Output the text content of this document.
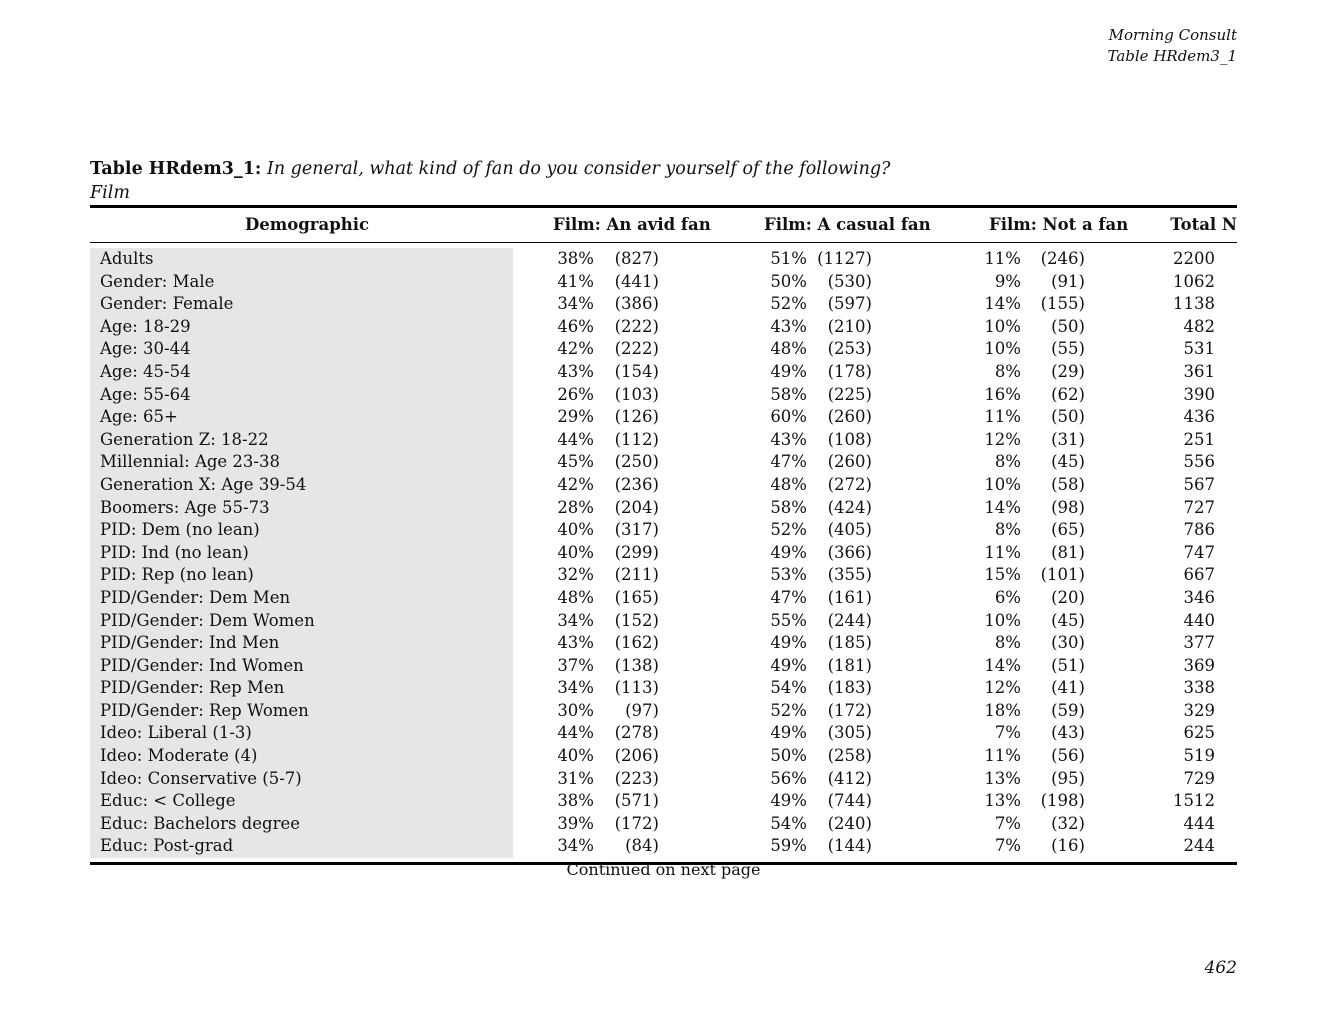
Morning Consult
Table HRdem3_1
Table HRdem3_1: In general, what kind of fan do you consider yourself of the following?
Film
Demographic	Film: An avid fan	Film: A casual fan	Film: Not a fan	Total N
Adults	38% (827)	51% (1127)	11% (246)	2200
Gender: Male	41% (441)	50% (530)	9% (91)	1062
Gender: Female	34% (386)	52% (597)	14% (155)	1138
Age: 18-29	46% (222)	43% (210)	10% (50)	482
Age: 30-44	42% (222)	48% (253)	10% (55)	531
Age: 45-54	43% (154)	49% (178)	8% (29)	361
Age: 55-64	26% (103)	58% (225)	16% (62)	390
Age: 65+	29% (126)	60% (260)	11% (50)	436
Generation Z: 18-22	44% (112)	43% (108)	12% (31)	251
Millennial: Age 23-38	45% (250)	47% (260)	8% (45)	556
Generation X: Age 39-54	42% (236)	48% (272)	10% (58)	567
Boomers: Age 55-73	28% (204)	58% (424)	14% (98)	727
PID: Dem (no lean)	40% (317)	52% (405)	8% (65)	786
PID: Ind (no lean)	40% (299)	49% (366)	11% (81)	747
PID: Rep (no lean)	32% (211)	53% (355)	15% (101)	667
PID/Gender: Dem Men	48% (165)	47% (161)	6% (20)	346
PID/Gender: Dem Women	34% (152)	55% (244)	10% (45)	440
PID/Gender: Ind Men	43% (162)	49% (185)	8% (30)	377
PID/Gender: Ind Women	37% (138)	49% (181)	14% (51)	369
PID/Gender: Rep Men	34% (113)	54% (183)	12% (41)	338
PID/Gender: Rep Women	30% (97)	52% (172)	18% (59)	329
Ideo: Liberal (1-3)	44% (278)	49% (305)	7% (43)	625
Ideo: Moderate (4)	40% (206)	50% (258)	11% (56)	519
Ideo: Conservative (5-7)	31% (223)	56% (412)	13% (95)	729
Educ: < College	38% (571)	49% (744)	13% (198)	1512
Educ: Bachelors degree	39% (172)	54% (240)	7% (32)	444
Educ: Post-grad	34% (84)	59% (144)	7% (16)	244
Continued on next page
462
